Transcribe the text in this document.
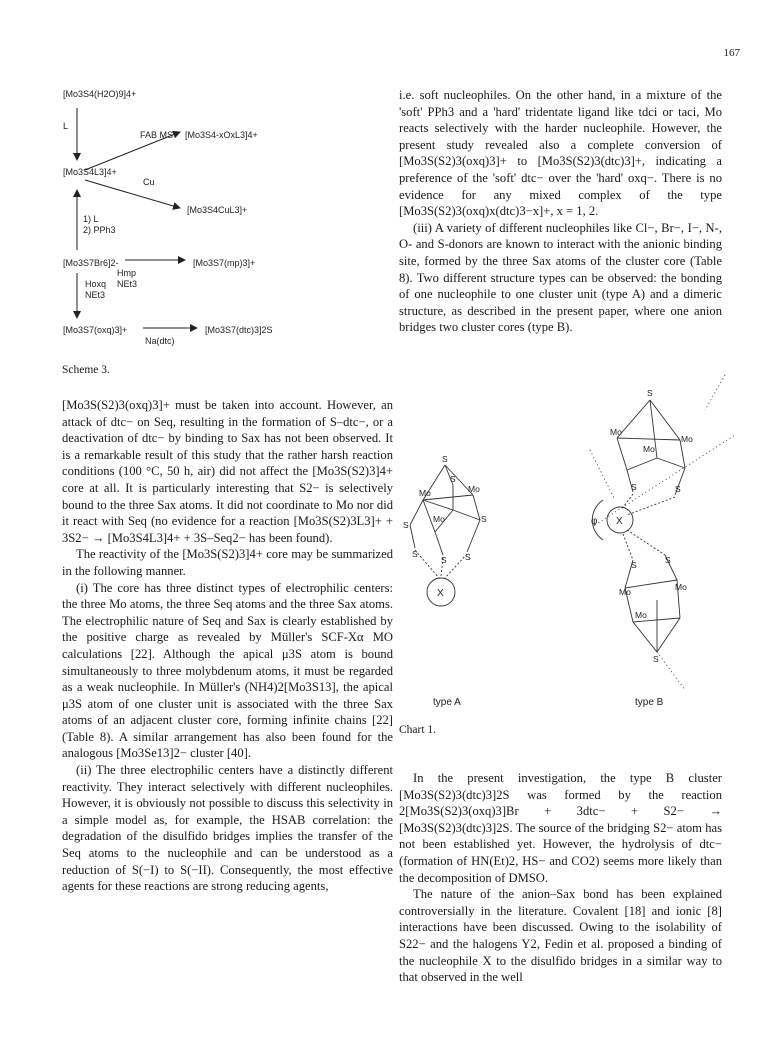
167
[Mo3S4(H2O)9]4+
L
FAB MS [Mo3S4-xOxL3]4+
[Mo3S4L3]4+
Cu
[Mo3S4CuL3]+
1) L
2) PPh3
[Mo3S7Br6]2-	[Mo3S7(mp)3]+
Hmp
NEt3
Hoxq
NEt3
[Mo3S7(oxq)3]+	[Mo3S7(dtc)3]2S
Na(dtc)
Scheme 3.

[Mo3S(S2)3(oxq)3]+ must be taken into account. However, an attack of dtc− on Seq, resulting in the formation of S–dtc−, or a deactivation of dtc− by binding to Sax has not been observed. It is a remarkable result of this study that the rather harsh reaction conditions (100 °C, 50 h, air) did not affect the [Mo3S(S2)3]4+ core at all. It is particularly interesting that S2− is selectively bound to the three Sax atoms. It did not coordinate to Mo nor did it react with Seq (no evidence for a reaction [Mo3S(S2)3L3]+ + 3S2− → [Mo3S4L3]4+ + 3S–Seq2− has been found).

The reactivity of the [Mo3S(S2)3]4+ core may be summarized in the following manner.

(i) The core has three distinct types of electrophilic centers: the three Mo atoms, the three Seq atoms and the three Sax atoms. The electrophilic nature of Seq and Sax is clearly established by the positive charge as revealed by Müller's SCF-Xα MO calculations [22]. Although the apical μ3S atom is bound simultaneously to three molybdenum atoms, it must be regarded as a weak nucleophile. In Müller's (NH4)2[Mo3S13], the apical μ3S atom of one cluster unit is associated with the three Sax atoms of an adjacent cluster core, forming infinite chains [22] (Table 8). A similar arrangement has also been found for the analogous [Mo3Se13]2− cluster [40].

(ii) The three electrophilic centers have a distinctly different reactivity. They interact selectively with different nucleophiles. However, it is obviously not possible to discuss this selectivity in a simple model as, for example, the HSAB correlation: the degradation of the disulfido bridges implies the transfer of the Seq atoms to the nucleophile and can be understood as a reduction of S(−I) to S(−II). Consequently, the most effective agents for these reactions are strong reducing agents,

i.e. soft nucleophiles. On the other hand, in a mixture of the 'soft' PPh3 and a 'hard' tridentate ligand like tdci or taci, Mo reacts selectively with the harder nucleophile. However, the present study revealed also a complete conversion of [Mo3S(S2)3(oxq)3]+ to [Mo3S(S2)3(dtc)3]+, indicating a preference of the 'soft' dtc− over the 'hard' oxq−. There is no evidence for any mixed complex of the type [Mo3S(S2)3(oxq)x(dtc)3−x]+, x = 1, 2.

(iii) A variety of different nucleophiles like Cl−, Br−, I−, N-, O- and S-donors are known to interact with the anionic binding site, formed by the three Sax atoms of the cluster core (Table 8). Two different structure types can be observed: the bonding of one nucleophile to one cluster unit (type A) and a dimeric structure, as described in the present paper, where one anion bridges two cluster cores (type B).

S
Mo	Mo
Mo
S
S
S
S
S S
X
S
Mo
Mo
Mo
S	S
X
φ
S	S
Mo	Mo
Mo
S
type A	type B
Chart 1.

In the present investigation, the type B cluster [Mo3S(S2)3(dtc)3]2S was formed by the reaction 2[Mo3S(S2)3(oxq)3]Br + 3dtc− + S2− → [Mo3S(S2)3(dtc)3]2S. The source of the bridging S2− atom has not been established yet. However, the hydrolysis of dtc− (formation of HN(Et)2, HS− and CO2) seems more likely than the decomposition of DMSO.

The nature of the anion–Sax bond has been explained controversially in the literature. Covalent [18] and ionic [8] interactions have been discussed. Owing to the isolability of S22− and the halogens Y2, Fedin et al. proposed a binding of the nucleophile X to the disulfido bridges in a similar way to that observed in the well
